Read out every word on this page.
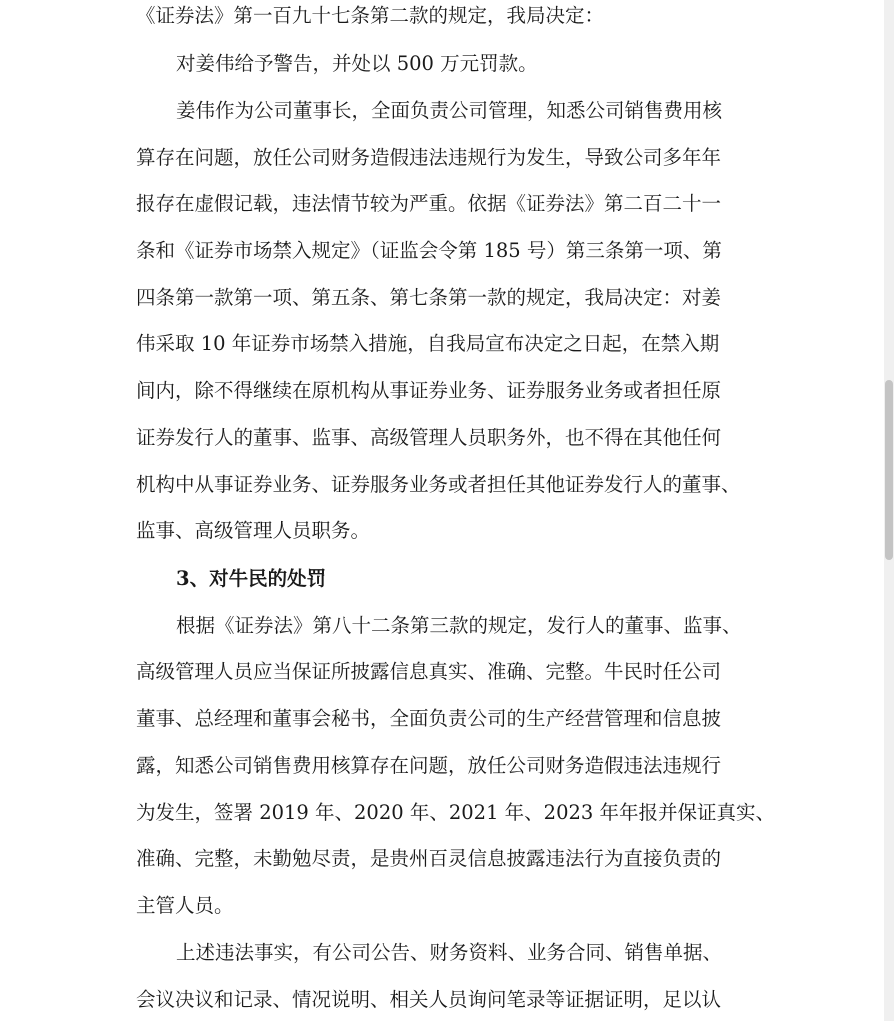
《证券法》第一百九十七条第二款的规定，我局决定：
对姜伟给予警告，并处以 500 万元罚款。
姜伟作为公司董事长，全面负责公司管理，知悉公司销售费用核
算存在问题，放任公司财务造假违法违规行为发生，导致公司多年年
报存在虚假记载，违法情节较为严重。依据《证券法》第二百二十一
条和《证券市场禁入规定》（证监会令第 185 号）第三条第一项、第
四条第一款第一项、第五条、第七条第一款的规定，我局决定：对姜
伟采取 10 年证券市场禁入措施，自我局宣布决定之日起，在禁入期
间内，除不得继续在原机构从事证券业务、证券服务业务或者担任原
证券发行人的董事、监事、高级管理人员职务外，也不得在其他任何
机构中从事证券业务、证券服务业务或者担任其他证券发行人的董事、
监事、高级管理人员职务。
3、对牛民的处罚
根据《证券法》第八十二条第三款的规定，发行人的董事、监事、
高级管理人员应当保证所披露信息真实、准确、完整。牛民时任公司
董事、总经理和董事会秘书，全面负责公司的生产经营管理和信息披
露，知悉公司销售费用核算存在问题，放任公司财务造假违法违规行
为发生，签署 2019 年、2020 年、2021 年、2023 年年报并保证真实、
准确、完整，未勤勉尽责，是贵州百灵信息披露违法行为直接负责的
主管人员。
上述违法事实，有公司公告、财务资料、业务合同、销售单据、
会议决议和记录、情况说明、相关人员询问笔录等证据证明，足以认
